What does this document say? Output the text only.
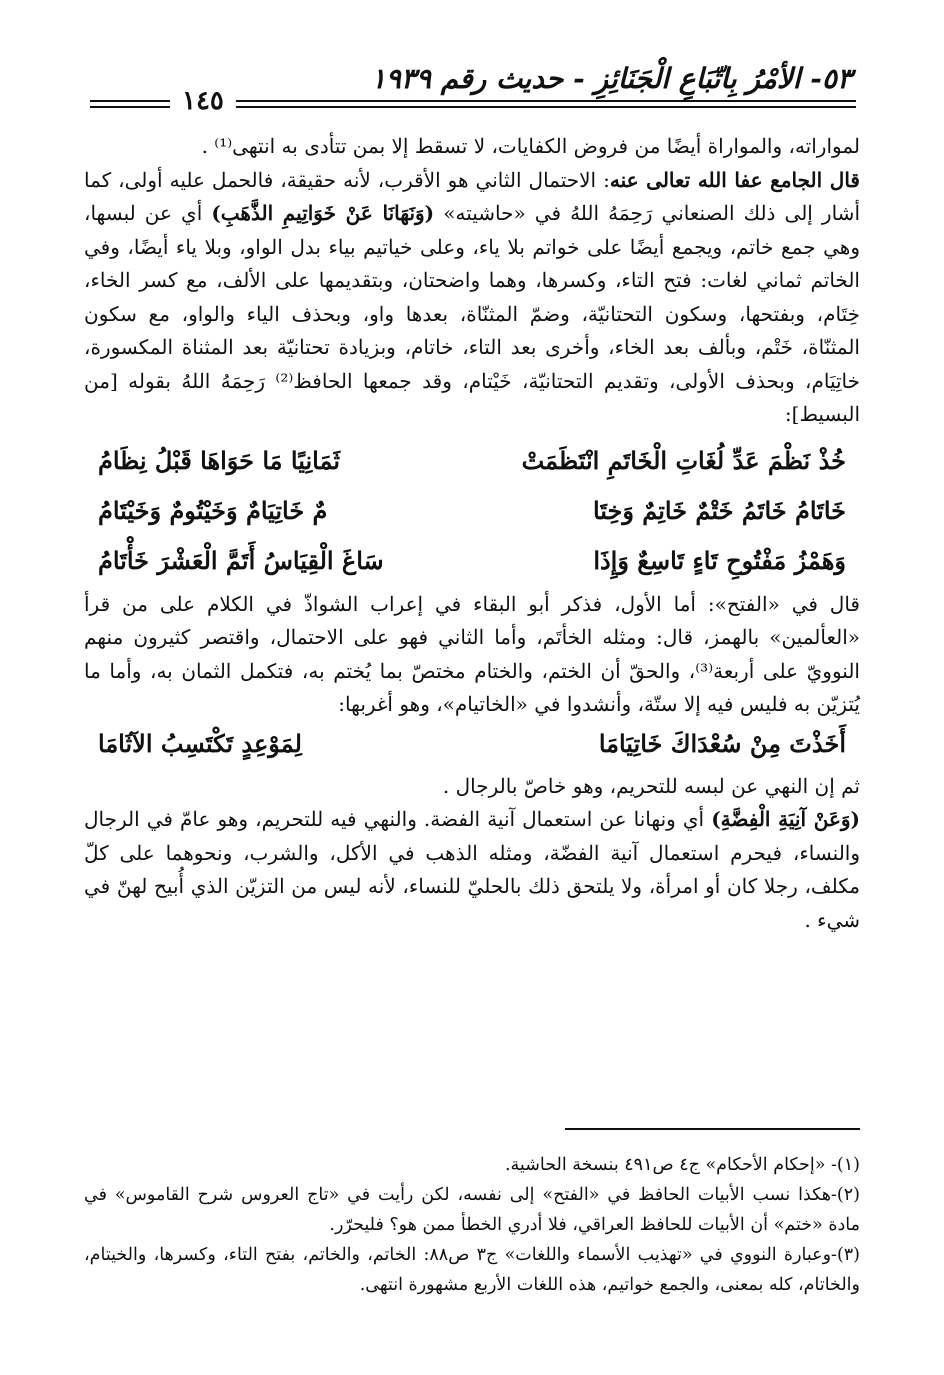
٥٣- الأمْرُ بِاتّبَاعِ الْجَنَائِزِ - حديث رقم ١٩٣٩
١٤٥

لمواراته، والمواراة أيضًا من فروض الكفايات، لا تسقط إلا بمن تتأدى به انتهى⁽¹⁾ .

قال الجامع عفا الله تعالى عنه: الاحتمال الثاني هو الأقرب، لأنه حقيقة، فالحمل عليه أولى، كما أشار إلى ذلك الصنعاني رَحِمَهُ اللهُ في «حاشيته» (وَنَهَانَا عَنْ خَوَاتِيمِ الذَّهَبِ) أي عن لبسها، وهي جمع خاتم، ويجمع أيضًا على خواتم بلا ياء، وعلى خياتيم بياء بدل الواو، وبلا ياء أيضًا، وفي الخاتم ثماني لغات: فتح التاء، وكسرها، وهما واضحتان، وبتقديمها على الألف، مع كسر الخاء، خِتَام، وبفتحها، وسكون التحتانيّة، وضمّ المثنّاة، بعدها واو، وبحذف الياء والواو، مع سكون المثنّاة، خَتْم، وبألف بعد الخاء، وأخرى بعد التاء، خاتام، وبزيادة تحتانيّة بعد المثناة المكسورة، خاتِيَام، وبحذف الأولى، وتقديم التحتانيّة، خَيْتام، وقد جمعها الحافظ⁽²⁾ رَحِمَهُ اللهُ بقوله [من البسيط]:

خُذْ نَظْمَ عَدِّ لُغَاتِ الْخَاتَمِ انْتَظَمَتْ
ثَمَانِيًا مَا حَوَاهَا قَبْلُ نِظَامُ
خَاتَامُ خَاتَمُ خَتْمٌ خَاتِمٌ وَخِتَا
مٌ خَاتِيَامٌ وَخَيْتُومٌ وَخَيْتَامُ
وَهَمْزُ مَفْتُوحِ تَاءٍ تَاسِعٌ وَإِذَا
سَاغَ الْقِيَاسُ أَتَمَّ الْعَشْرَ خَأْتَامُ

قال في «الفتح»: أما الأول، فذكر أبو البقاء في إعراب الشواذّ في الكلام على من قرأ «العألمين» بالهمز، قال: ومثله الخأتَم، وأما الثاني فهو على الاحتمال، واقتصر كثيرون منهم النوويّ على أربعة⁽³⁾، والحقّ أن الختم، والختام مختصّ بما يُختم به، فتكمل الثمان به، وأما ما يُتزيّن به فليس فيه إلا ستّة، وأنشدوا في «الخاتيام»، وهو أغربها:

أَخَذْتَ مِنْ سُعْدَاكَ خَاتِيَامَا
لِمَوْعِدٍ تَكْتَسِبُ الآثَامَا

ثم إن النهي عن لبسه للتحريم، وهو خاصّ بالرجال .

(وَعَنْ آنِيَةِ الْفِضَّةِ) أي ونهانا عن استعمال آنية الفضة. والنهي فيه للتحريم، وهو عامّ في الرجال والنساء، فيحرم استعمال آنية الفضّة، ومثله الذهب في الأكل، والشرب، ونحوهما على كلّ مكلف، رجلا كان أو امرأة، ولا يلتحق ذلك بالحليّ للنساء، لأنه ليس من التزيّن الذي أُبيح لهنّ في شيء .

(١)- «إحكام الأحكام» ج٤ ص٤٩١ بنسخة الحاشية.

(٢)-هكذا نسب الأبيات الحافظ في «الفتح» إلى نفسه، لكن رأيت في «تاج العروس شرح القاموس» في مادة «ختم» أن الأبيات للحافظ العراقي، فلا أدري الخطأ ممن هو؟ فليحرّر.

(٣)-وعبارة النووي في «تهذيب الأسماء واللغات» ج٣ ص٨٨: الخاتم، والخاتم، بفتح التاء، وكسرها، والخيتام، والخاتام، كله بمعنى، والجمع خواتيم، هذه اللغات الأربع مشهورة انتهى.
